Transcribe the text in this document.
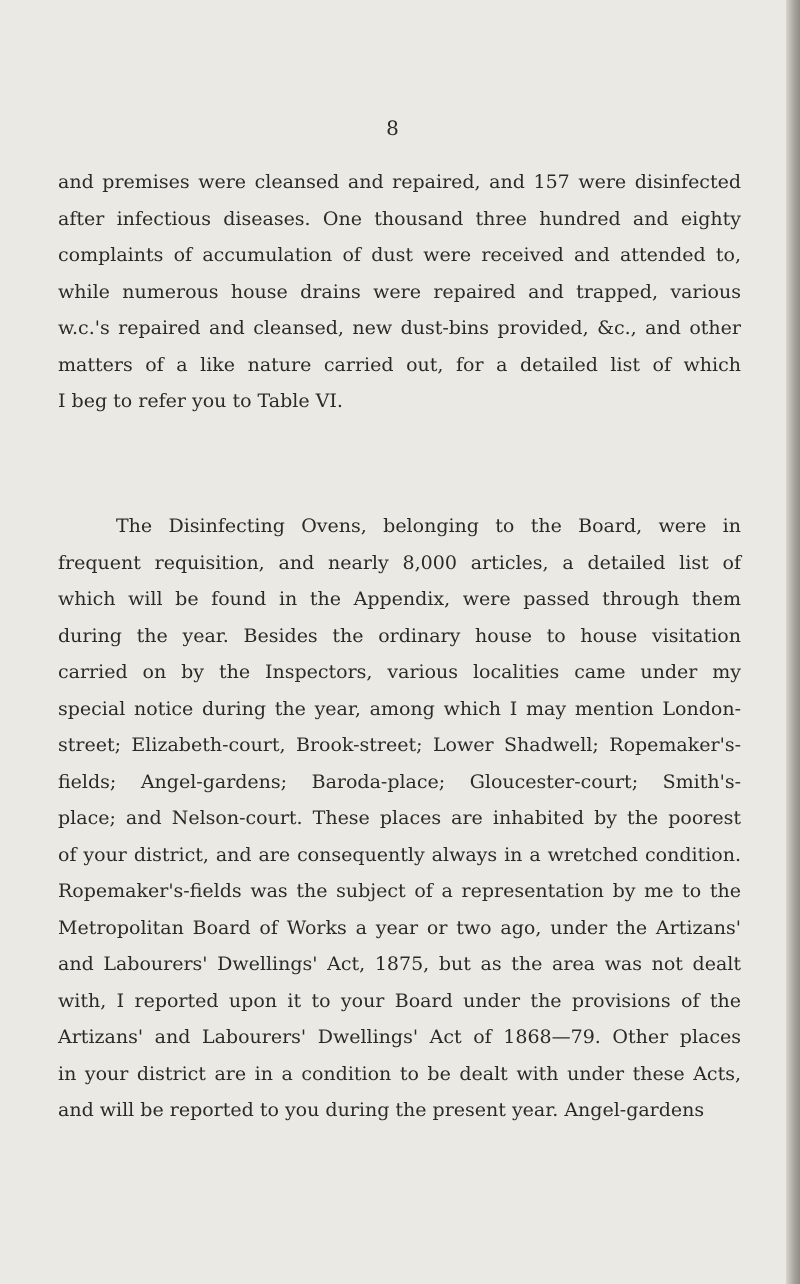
8

and premises were cleansed and repaired, and 157 were disinfected
after infectious diseases. One thousand three hundred and eighty
complaints of accumulation of dust were received and attended to,
while numerous house drains were repaired and trapped, various
w.c.'s repaired and cleansed, new dust-bins provided, &c., and other
matters of a like nature carried out, for a detailed list of which
I beg to refer you to Table VI.

The Disinfecting Ovens, belonging to the Board, were in
frequent requisition, and nearly 8,000 articles, a detailed list of
which will be found in the Appendix, were passed through them
during the year. Besides the ordinary house to house visitation
carried on by the Inspectors, various localities came under my
special notice during the year, among which I may mention London-
street; Elizabeth-court, Brook-street; Lower Shadwell; Ropemaker's-
fields; Angel-gardens; Baroda-place; Gloucester-court; Smith's-
place; and Nelson-court. These places are inhabited by the poorest
of your district, and are consequently always in a wretched condition.
Ropemaker's-fields was the subject of a representation by me to the
Metropolitan Board of Works a year or two ago, under the Artizans'
and Labourers' Dwellings' Act, 1875, but as the area was not dealt
with, I reported upon it to your Board under the provisions of the
Artizans' and Labourers' Dwellings' Act of 1868—79. Other places
in your district are in a condition to be dealt with under these Acts,
and will be reported to you during the present year. Angel-gardens
